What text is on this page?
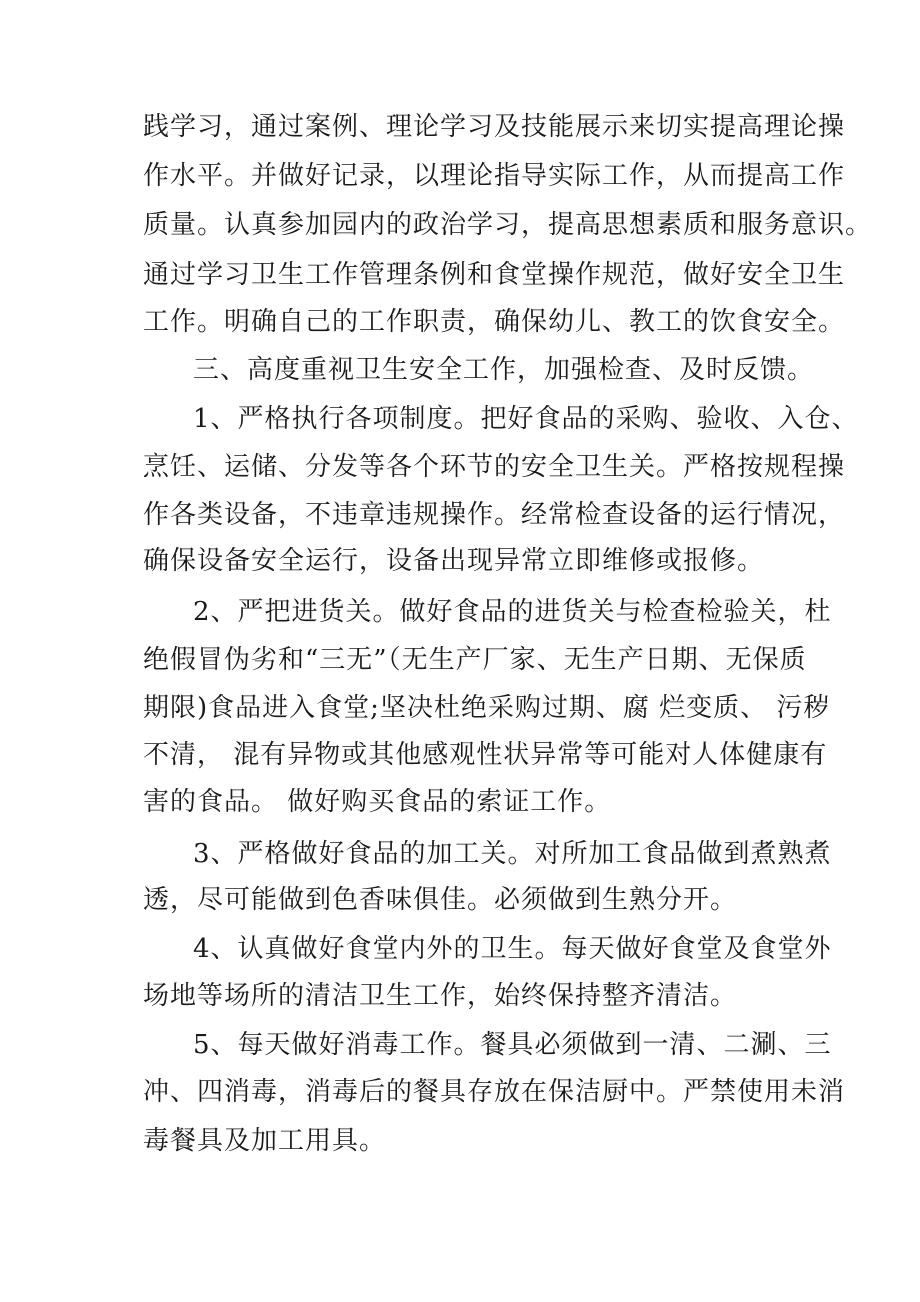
践学习，通过案例、理论学习及技能展示来切实提高理论操
作水平。并做好记录，以理论指导实际工作，从而提高工作
质量。认真参加园内的政治学习，提高思想素质和服务意识。
通过学习卫生工作管理条例和食堂操作规范，做好安全卫生
工作。明确自己的工作职责，确保幼儿、教工的饮食安全。
三、高度重视卫生安全工作，加强检查、及时反馈。
1、严格执行各项制度。把好食品的采购、验收、入仓、
烹饪、运储、分发等各个环节的安全卫生关。严格按规程操
作各类设备，不违章违规操作。经常检查设备的运行情况，
确保设备安全运行，设备出现异常立即维修或报修。
2、严把进货关。做好食品的进货关与检查检验关，杜
绝假冒伪劣和“三无”（无生产厂家、无生产日期、无保质
期限)食品进入食堂;坚决杜绝采购过期、腐 烂变质、 污秽
不清， 混有异物或其他感观性状异常等可能对人体健康有
害的食品。 做好购买食品的索证工作。
3、严格做好食品的加工关。对所加工食品做到煮熟煮
透，尽可能做到色香味俱佳。必须做到生熟分开。
4、认真做好食堂内外的卫生。每天做好食堂及食堂外
场地等场所的清洁卫生工作，始终保持整齐清洁。
5、每天做好消毒工作。餐具必须做到一清、二涮、三
冲、四消毒，消毒后的餐具存放在保洁厨中。严禁使用未消
毒餐具及加工用具。
